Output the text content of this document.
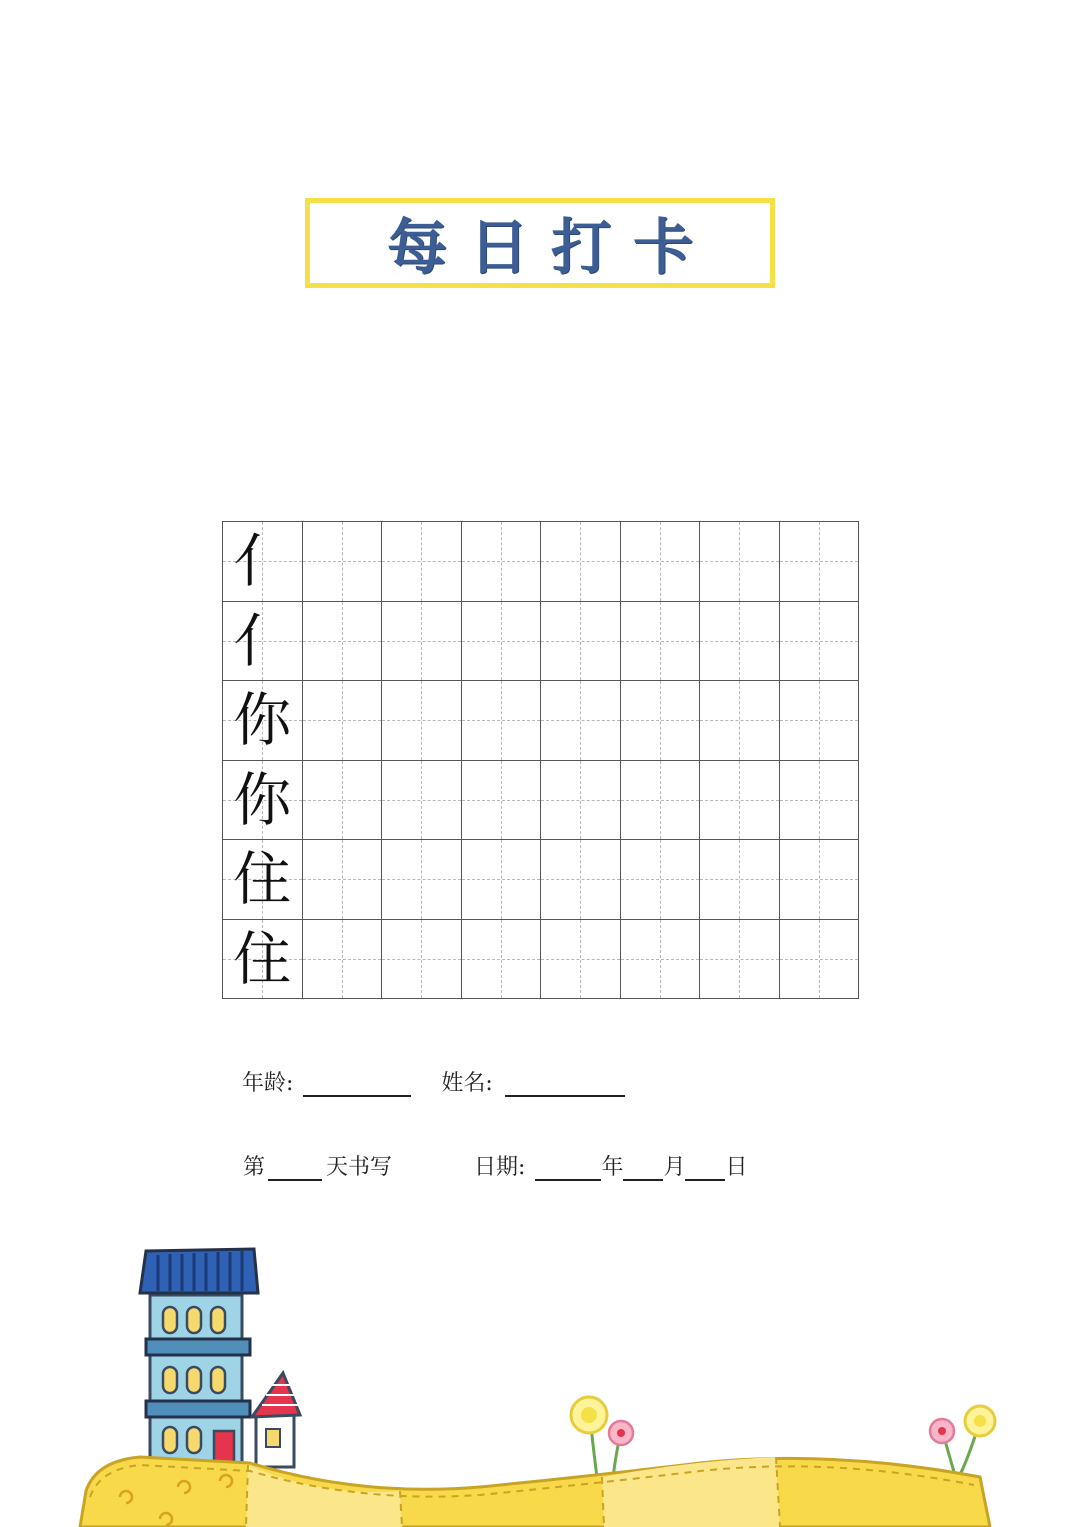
每日打卡
亻
亻
你
你
住
住
年龄:	姓名:
第	天书写	日期:	年 月 日
